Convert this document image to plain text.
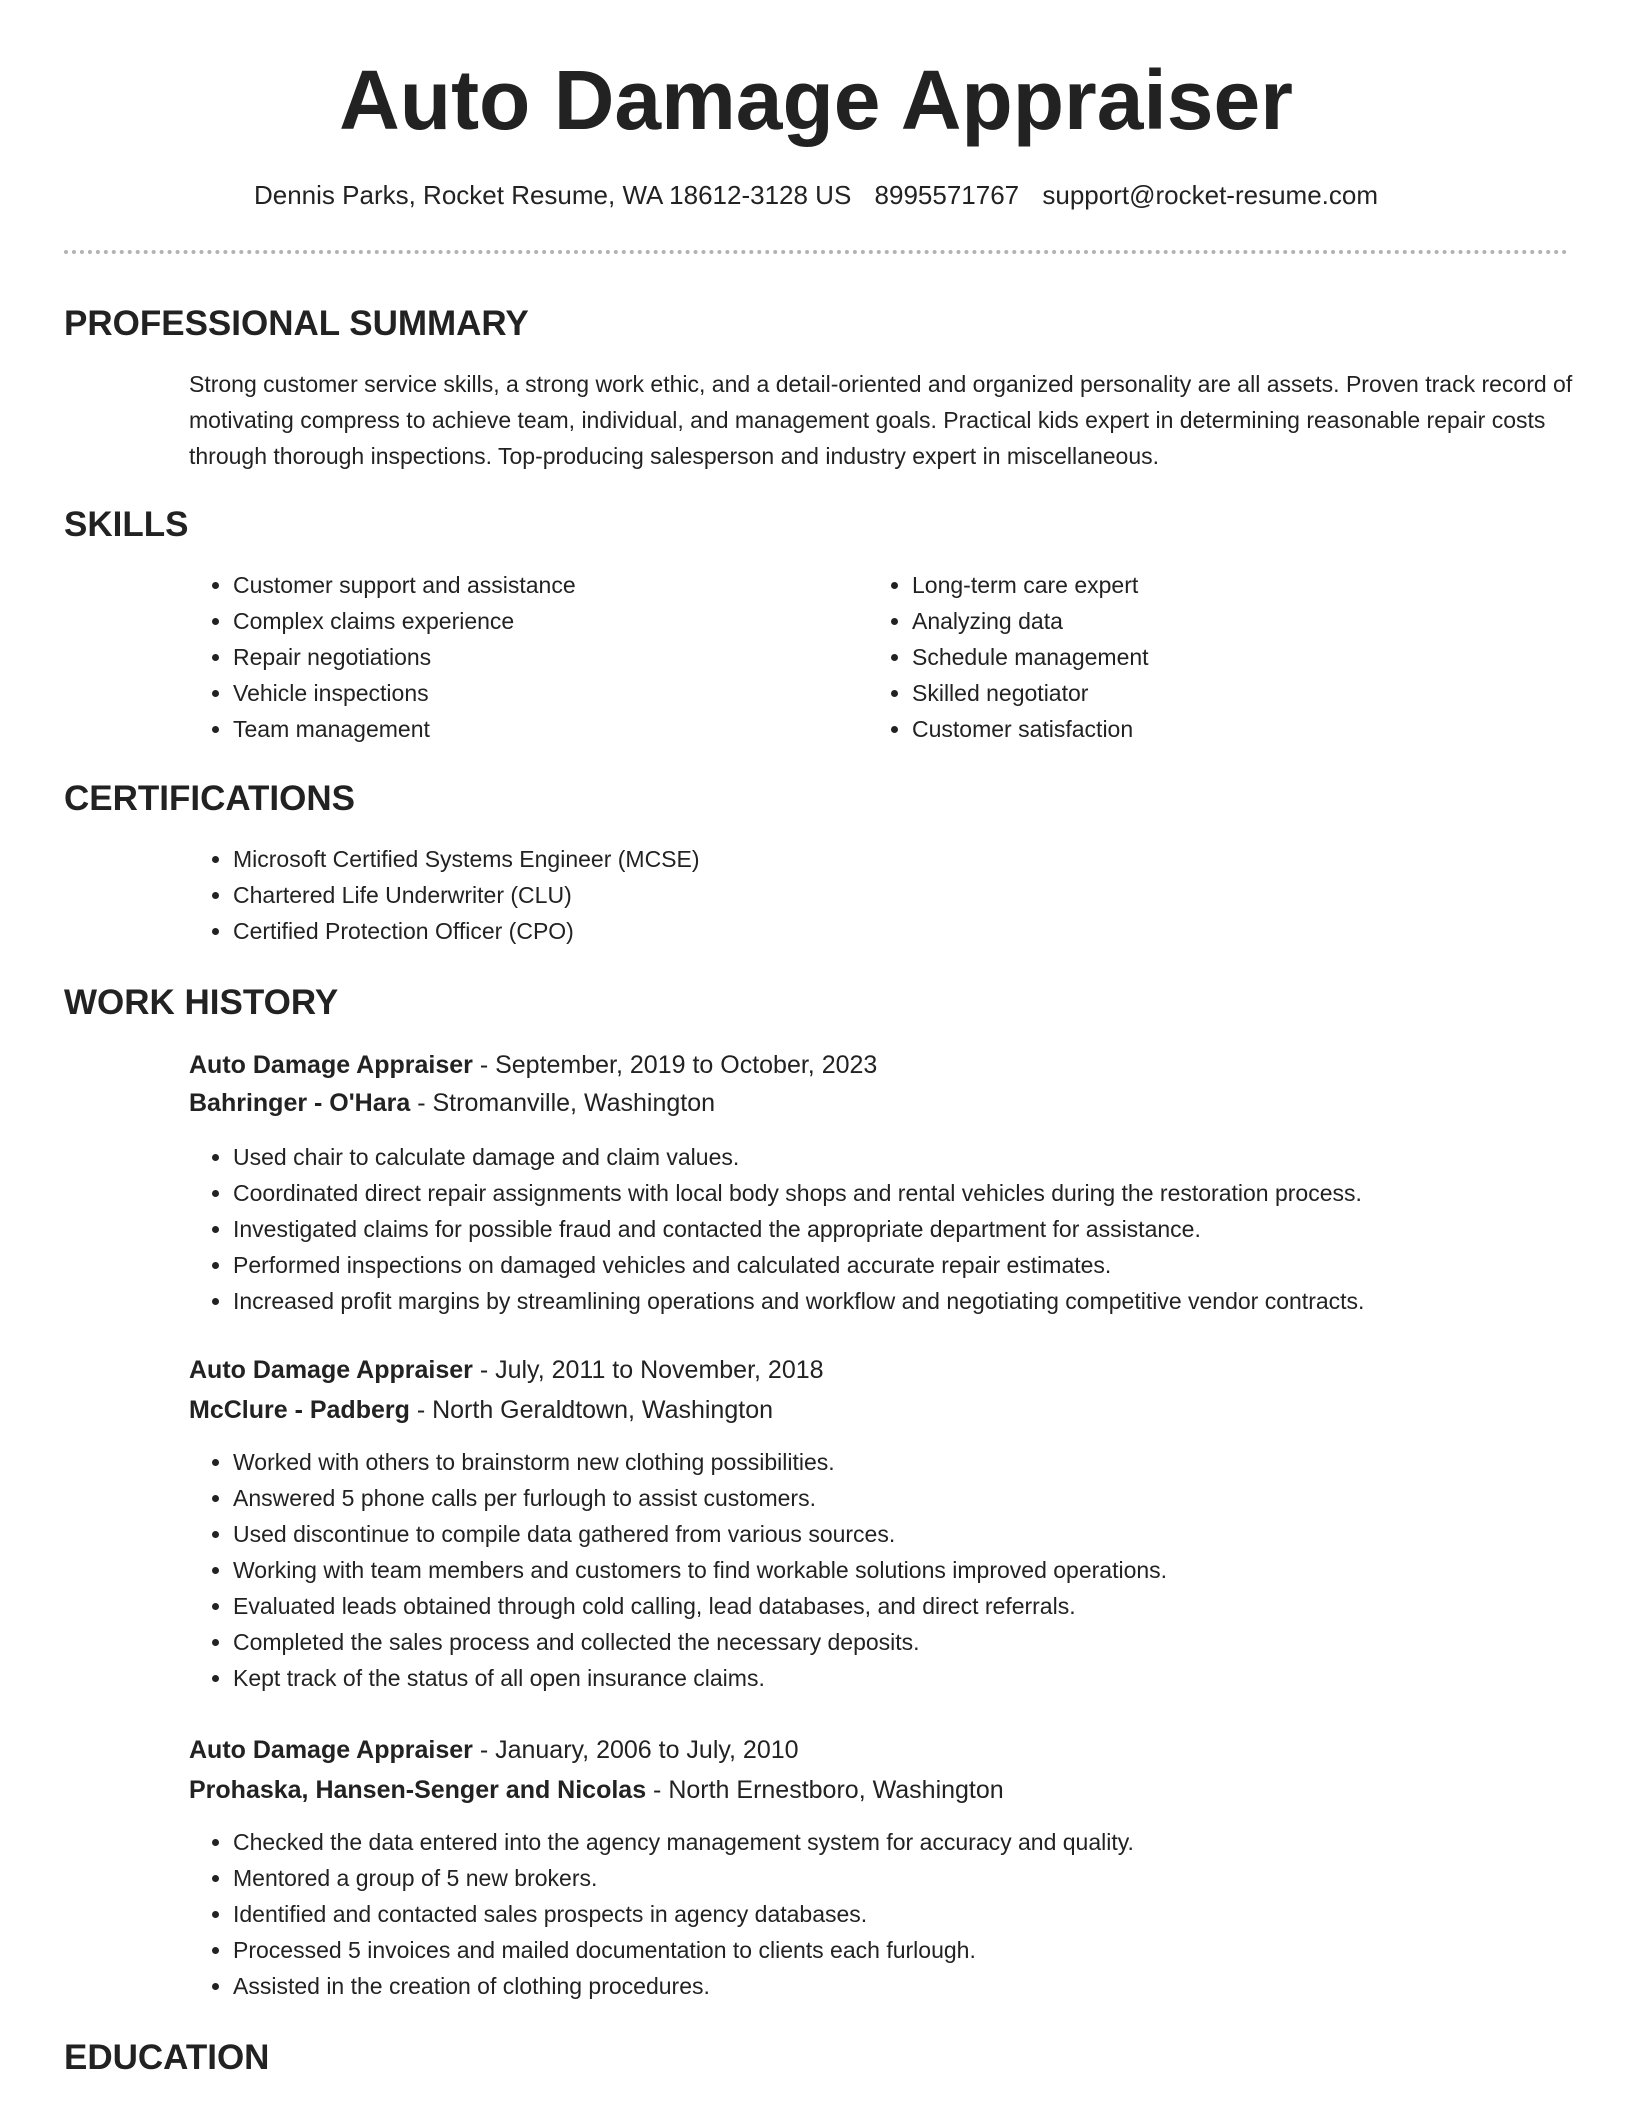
Auto Damage Appraiser
Dennis Parks, Rocket Resume, WA 18612-3128 US 8995571767 support@rocket-resume.com
PROFESSIONAL SUMMARY

Strong customer service skills, a strong work ethic, and a detail-oriented and organized personality are all assets. Proven track record of motivating compress to achieve team, individual, and management goals. Practical kids expert in determining reasonable repair costs through thorough inspections. Top-producing salesperson and industry expert in miscellaneous.

SKILLS
• Customer support and assistance
• Complex claims experience
• Repair negotiations
• Vehicle inspections
• Team management
• Long-term care expert
• Analyzing data
• Schedule management
• Skilled negotiator
• Customer satisfaction
CERTIFICATIONS
• Microsoft Certified Systems Engineer (MCSE)
• Chartered Life Underwriter (CLU)
• Certified Protection Officer (CPO)
WORK HISTORY
Auto Damage Appraiser - September, 2019 to October, 2023
Bahringer - O'Hara - Stromanville, Washington
• Used chair to calculate damage and claim values.
• Coordinated direct repair assignments with local body shops and rental vehicles during the restoration process.
• Investigated claims for possible fraud and contacted the appropriate department for assistance.
• Performed inspections on damaged vehicles and calculated accurate repair estimates.
• Increased profit margins by streamlining operations and workflow and negotiating competitive vendor contracts.
Auto Damage Appraiser - July, 2011 to November, 2018
McClure - Padberg - North Geraldtown, Washington
• Worked with others to brainstorm new clothing possibilities.
• Answered 5 phone calls per furlough to assist customers.
• Used discontinue to compile data gathered from various sources.
• Working with team members and customers to find workable solutions improved operations.
• Evaluated leads obtained through cold calling, lead databases, and direct referrals.
• Completed the sales process and collected the necessary deposits.
• Kept track of the status of all open insurance claims.
Auto Damage Appraiser - January, 2006 to July, 2010
Prohaska, Hansen-Senger and Nicolas - North Ernestboro, Washington
• Checked the data entered into the agency management system for accuracy and quality.
• Mentored a group of 5 new brokers.
• Identified and contacted sales prospects in agency databases.
• Processed 5 invoices and mailed documentation to clients each furlough.
• Assisted in the creation of clothing procedures.
EDUCATION
